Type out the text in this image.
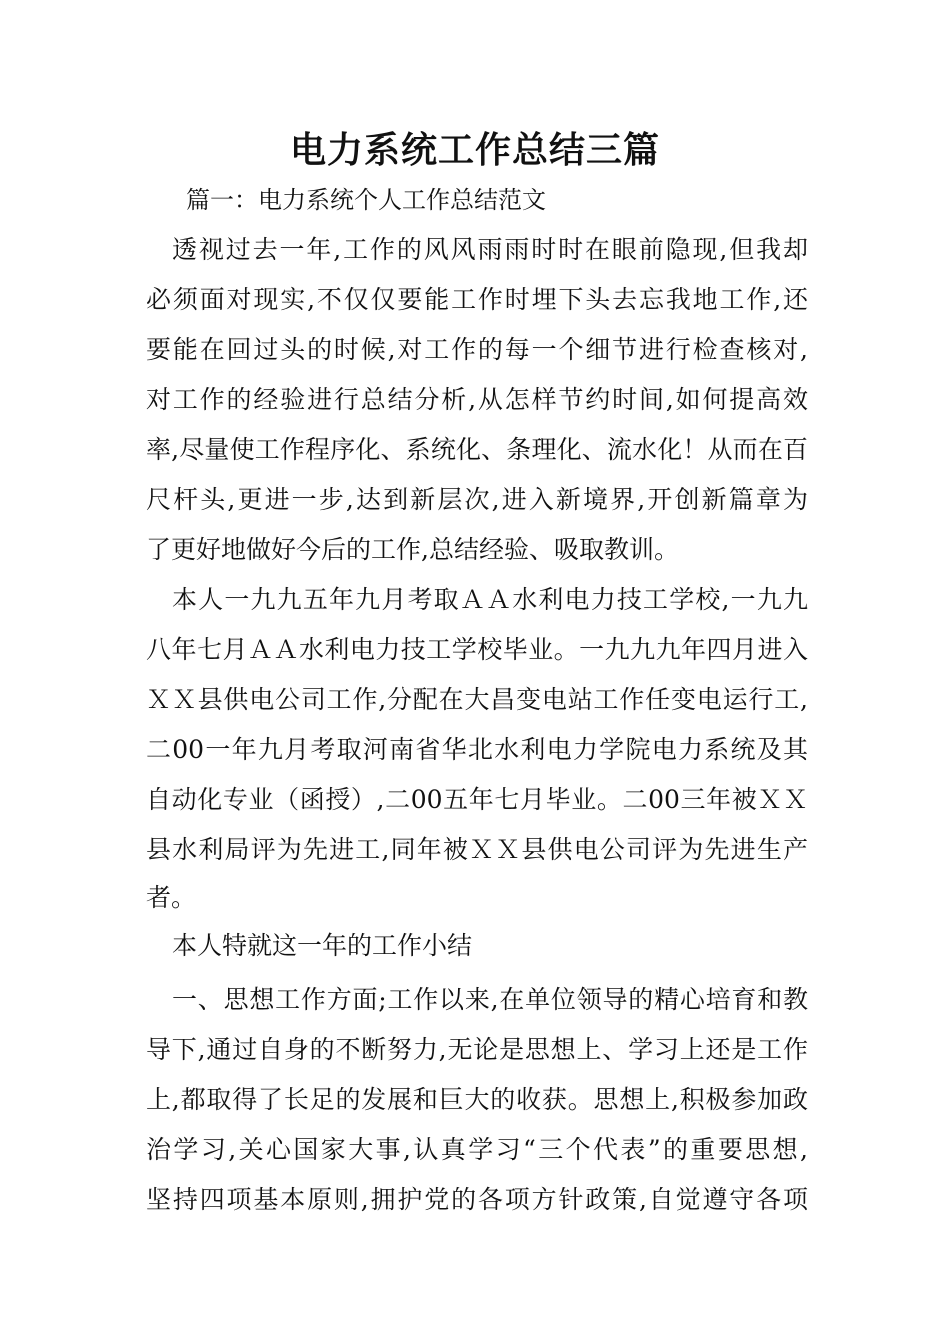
电力系统工作总结三篇
篇一：电力系统个人工作总结范文
透视过去一年,工作的风风雨雨时时在眼前隐现,但我却
必须面对现实,不仅仅要能工作时埋下头去忘我地工作,还
要能在回过头的时候,对工作的每一个细节进行检查核对,
对工作的经验进行总结分析,从怎样节约时间,如何提高效
率,尽量使工作程序化、系统化、条理化、流水化！从而在百
尺杆头,更进一步,达到新层次,进入新境界,开创新篇章为
了更好地做好今后的工作,总结经验、吸取教训。
本人一九九五年九月考取ＡＡ水利电力技工学校,一九九
八年七月ＡＡ水利电力技工学校毕业。一九九九年四月进入
ＸＸ县供电公司工作,分配在大昌变电站工作任变电运行工,
二00一年九月考取河南省华北水利电力学院电力系统及其
自动化专业（函授）,二00五年七月毕业。二00三年被ＸＸ
县水利局评为先进工,同年被ＸＸ县供电公司评为先进生产
者。
本人特就这一年的工作小结
一、思想工作方面;工作以来,在单位领导的精心培育和教
导下,通过自身的不断努力,无论是思想上、学习上还是工作
上,都取得了长足的发展和巨大的收获。思想上,积极参加政
治学习,关心国家大事,认真学习“三个代表”的重要思想,
坚持四项基本原则,拥护党的各项方针政策,自觉遵守各项
